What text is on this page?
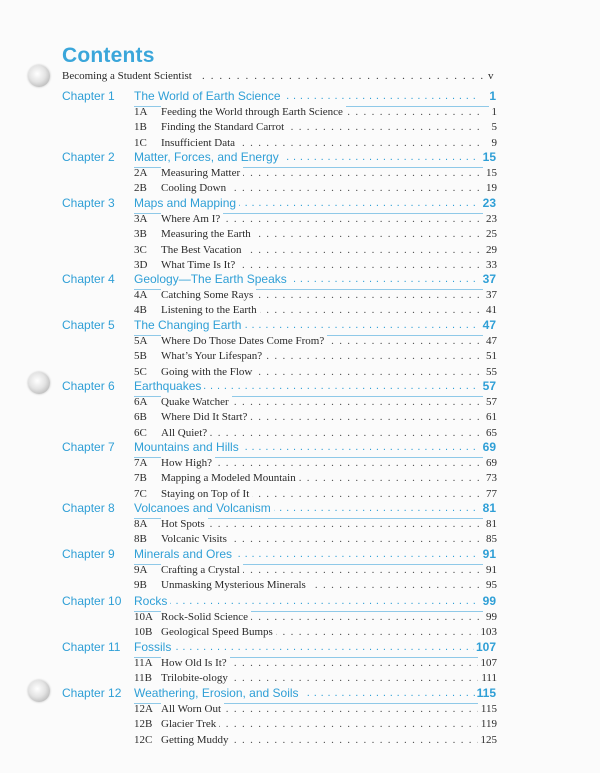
Contents
Becoming a Student Scientist . . .	v
Chapter 1 . . . The World of Earth Science	1
1A . . . Feeding the World through Earth Science	1
1B . . . Finding the Standard Carrot	5
1C . . . Insufficient Data	9
Chapter 2 . . . Matter, Forces, and Energy	15
2A . . . Measuring Matter	15
2B . . . Cooling Down	19
Chapter 3 . . . Maps and Mapping	23
3A . . . Where Am I?	23
3B . . . Measuring the Earth	25
3C . . . The Best Vacation	29
3D . . . What Time Is It?	33
Chapter 4 . . . Geology—The Earth Speaks	37
4A . . . Catching Some Rays	37
4B . . . Listening to the Earth	41
Chapter 5 . . . The Changing Earth	47
5A . . . Where Do Those Dates Come From?	47
5B . . . What’s Your Lifespan?	51
5C . . . Going with the Flow	55
Chapter 6 . . . Earthquakes	57
6A . . . Quake Watcher	57
6B . . . Where Did It Start?	61
6C . . . All Quiet?	65
Chapter 7 . . . Mountains and Hills	69
7A . . . How High?	69
7B . . . Mapping a Modeled Mountain	73
7C . . . Staying on Top of It	77
Chapter 8 . . . Volcanoes and Volcanism	81
8A . . . Hot Spots	81
8B . . . Volcanic Visits	85
Chapter 9 . . . Minerals and Ores	91
9A . . . Crafting a Crystal	91
9B . . . Unmasking Mysterious Minerals	95
Chapter 10 . . . Rocks	99
10A . . . Rock-Solid Science	99
10B . . . Geological Speed Bumps	103
Chapter 11 . . . Fossils	107
11A . . . How Old Is It?	107
11B . . . Trilobite-ology	111
Chapter 12 . . . Weathering, Erosion, and Soils	115
12A . . . All Worn Out	115
12B . . . Glacier Trek	119
12C . . . Getting Muddy	125
